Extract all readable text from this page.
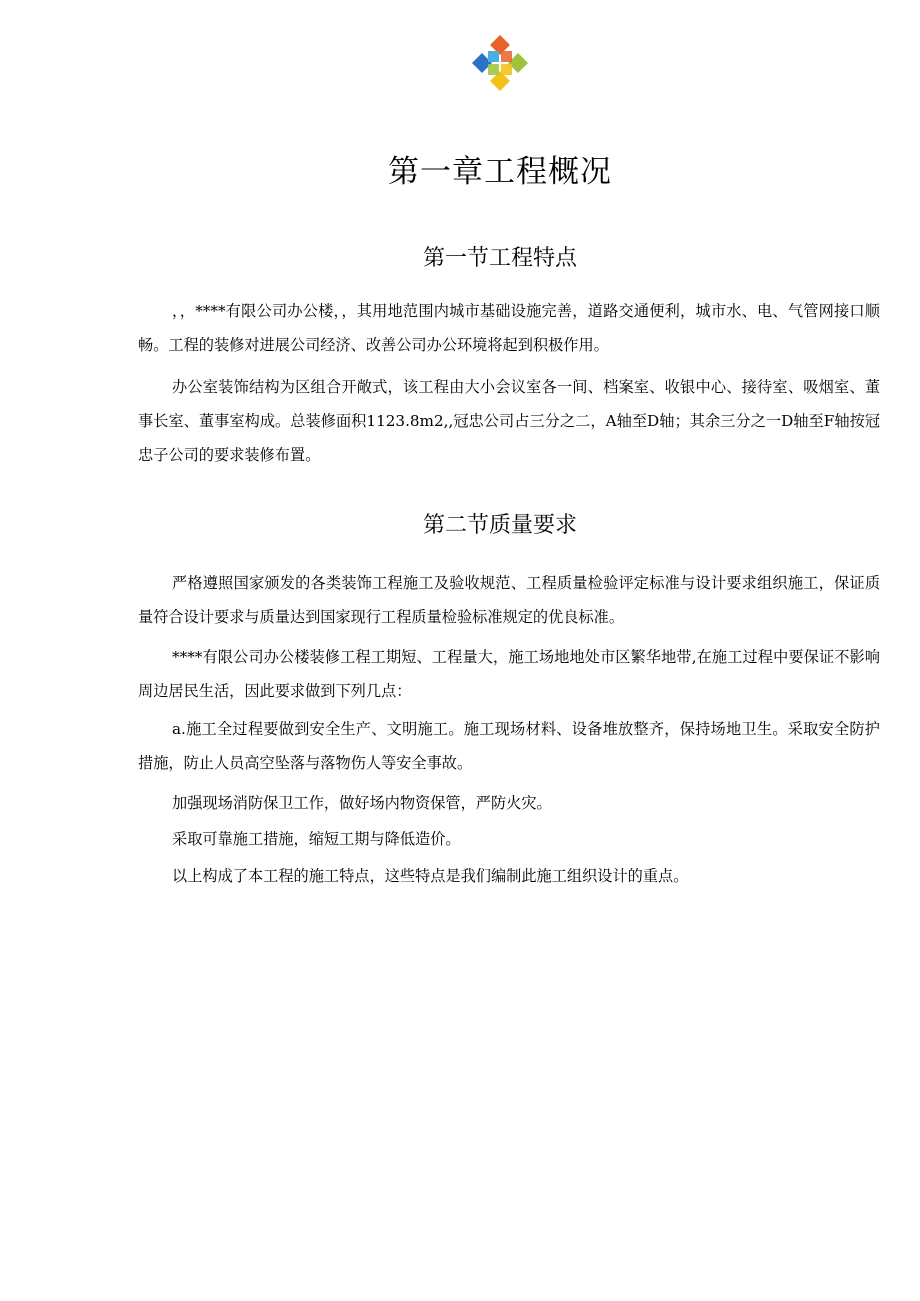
第一章工程概况
第一节工程特点

，，****有限公司办公楼，，其用地范围内城市基础设施完善，道路交通便利，城市水、电、气管网接口顺畅。工程的装修对进展公司经济、改善公司办公环境将起到积极作用。

办公室装饰结构为区组合开敞式，该工程由大小会议室各一间、档案室、收银中心、接待室、吸烟室、董事长室、董事室构成。总装修面积1123.8m2,,冠忠公司占三分之二，A轴至D轴；其余三分之一D轴至F轴按冠忠子公司的要求装修布置。

第二节质量要求

严格遵照国家颁发的各类装饰工程施工及验收规范、工程质量检验评定标准与设计要求组织施工，保证质量符合设计要求与质量达到国家现行工程质量检验标准规定的优良标准。

****有限公司办公楼装修工程工期短、工程量大，施工场地地处市区繁华地带,在施工过程中要保证不影响周边居民生活，因此要求做到下列几点：

a.施工全过程要做到安全生产、文明施工。施工现场材料、设备堆放整齐，保持场地卫生。采取安全防护措施，防止人员高空坠落与落物伤人等安全事故。

加强现场消防保卫工作，做好场内物资保管，严防火灾。

采取可靠施工措施，缩短工期与降低造价。

以上构成了本工程的施工特点，这些特点是我们编制此施工组织设计的重点。
